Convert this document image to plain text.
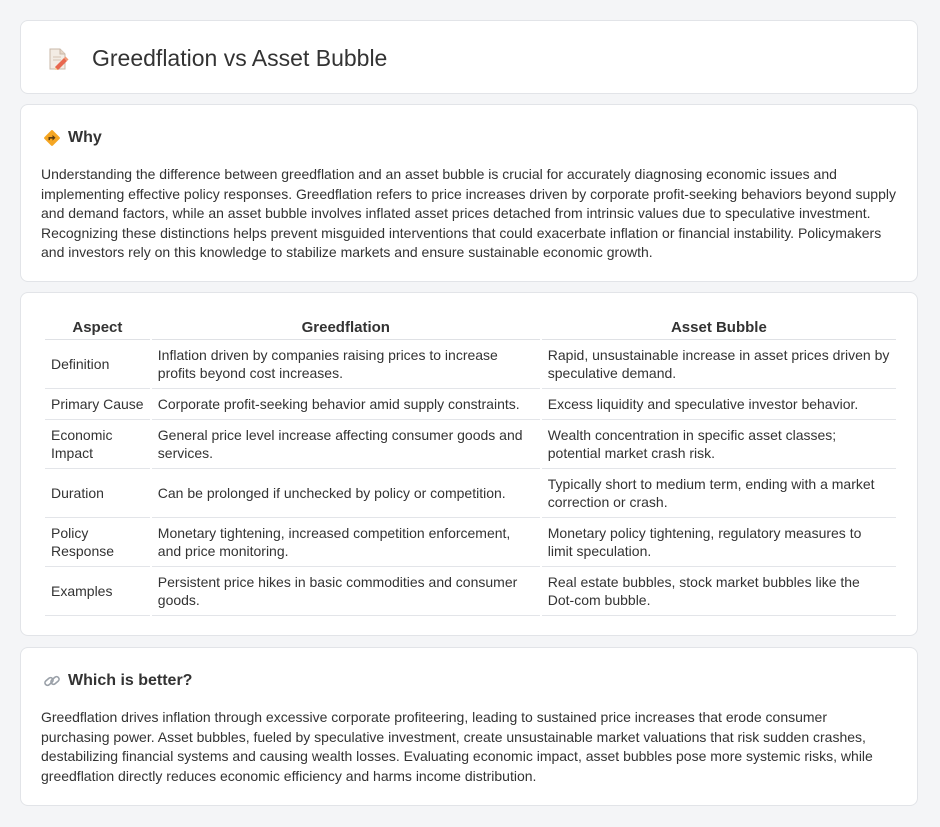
Greedflation vs Asset Bubble
Why

Understanding the difference between greedflation and an asset bubble is crucial for accurately diagnosing economic issues and implementing effective policy responses. Greedflation refers to price increases driven by corporate profit-seeking behaviors beyond supply and demand factors, while an asset bubble involves inflated asset prices detached from intrinsic values due to speculative investment. Recognizing these distinctions helps prevent misguided interventions that could exacerbate inflation or financial instability. Policymakers and investors rely on this knowledge to stabilize markets and ensure sustainable economic growth.

Aspect	Greedflation	Asset Bubble
Definition	Inflation driven by companies raising prices to increase profits beyond cost increases.	Rapid, unsustainable increase in asset prices driven by speculative demand.
Primary Cause	Corporate profit-seeking behavior amid supply constraints.	Excess liquidity and speculative investor behavior.
Economic Impact	General price level increase affecting consumer goods and services.	Wealth concentration in specific asset classes; potential market crash risk.
Duration	Can be prolonged if unchecked by policy or competition.	Typically short to medium term, ending with a market correction or crash.
Policy Response	Monetary tightening, increased competition enforcement, and price monitoring.	Monetary policy tightening, regulatory measures to limit speculation.
Examples	Persistent price hikes in basic commodities and consumer goods.	Real estate bubbles, stock market bubbles like the Dot-com bubble.
Which is better?

Greedflation drives inflation through excessive corporate profiteering, leading to sustained price increases that erode consumer purchasing power. Asset bubbles, fueled by speculative investment, create unsustainable market valuations that risk sudden crashes, destabilizing financial systems and causing wealth losses. Evaluating economic impact, asset bubbles pose more systemic risks, while greedflation directly reduces economic efficiency and harms income distribution.
